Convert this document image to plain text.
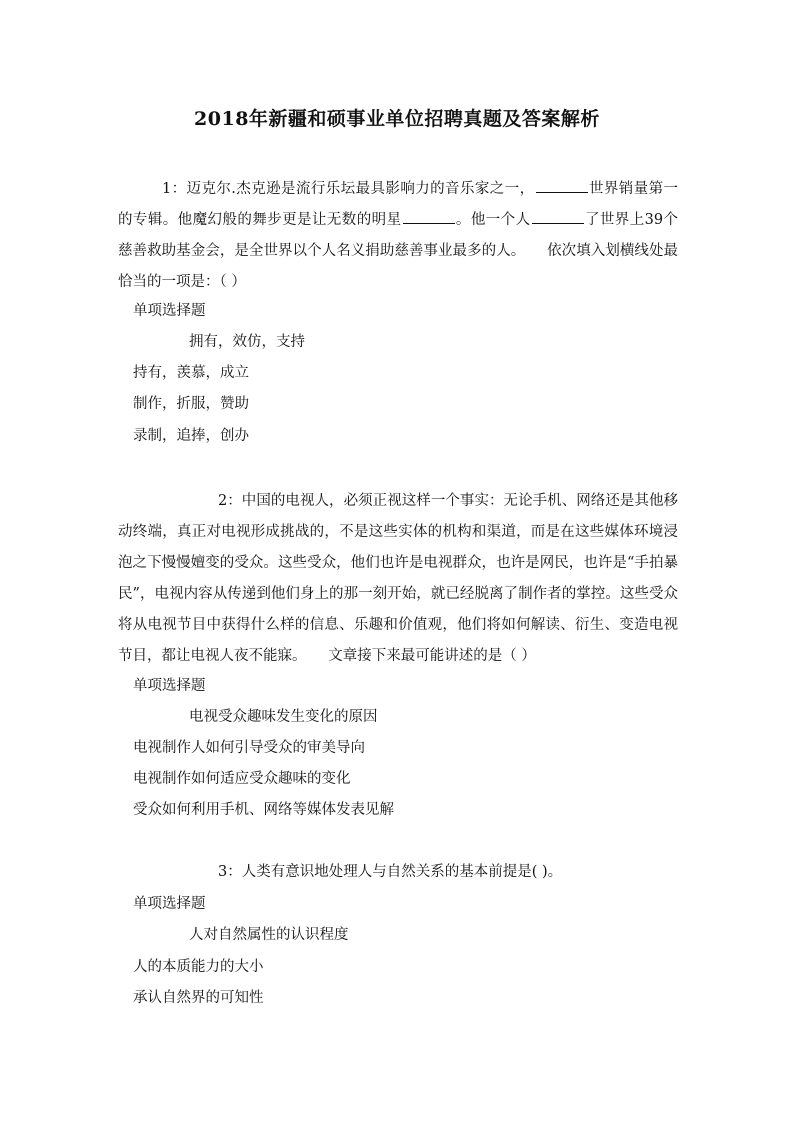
2018年新疆和硕事业单位招聘真题及答案解析
1：迈克尔.杰克逊是流行乐坛最具影响力的音乐家之一，	世界销量第一的专辑。他魔幻般的舞步更是让无数的明星	。他一个人	了世界上39个慈善救助基金会，是全世界以个人名义捐助慈善事业最多的人。　　依次填入划横线处最恰当的一项是：（ ）
单项选择题
拥有，效仿，支持
持有，羡慕，成立
制作，折服，赞助
录制，追捧，创办
2：中国的电视人，必须正视这样一个事实：无论手机、网络还是其他移动终端，真正对电视形成挑战的，不是这些实体的机构和渠道，而是在这些媒体环境浸泡之下慢慢嬗变的受众。这些受众，他们也许是电视群众，也许是网民，也许是“手拍暴民”，电视内容从传递到他们身上的那一刻开始，就已经脱离了制作者的掌控。这些受众将从电视节目中获得什么样的信息、乐趣和价值观，他们将如何解读、衍生、变造电视节目，都让电视人夜不能寐。　　文章接下来最可能讲述的是（ ）
单项选择题
电视受众趣味发生变化的原因
电视制作人如何引导受众的审美导向
电视制作如何适应受众趣味的变化
受众如何利用手机、网络等媒体发表见解
3：人类有意识地处理人与自然关系的基本前提是( )。
单项选择题
人对自然属性的认识程度
人的本质能力的大小
承认自然界的可知性
